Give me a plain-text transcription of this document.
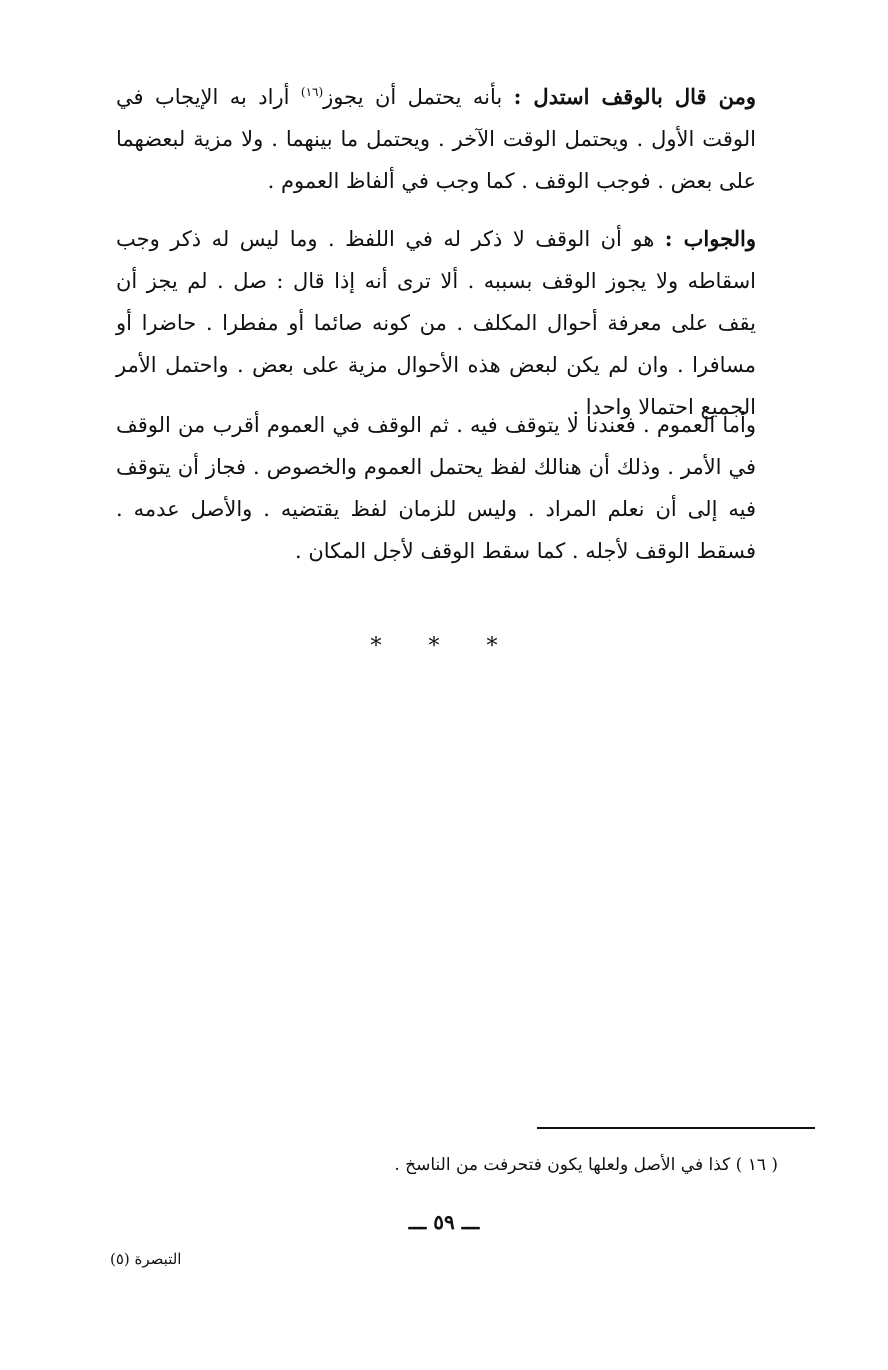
ومن قال بالوقف استدل : بأنه يحتمل أن يجوز$^{(١٦)}$ أراد به الإيجاب في الوقت الأول . ويحتمل الوقت الآخر . ويحتمل ما بينهما . ولا مزية لبعضهما على بعض . فوجب الوقف . كما وجب في ألفاظ العموم .

والجواب : هو أن الوقف لا ذكر له في اللفظ . وما ليس له ذكر وجب اسقاطه ولا يجوز الوقف بسببه . ألا ترى أنه إذا قال : صل . لم يجز أن يقف على معرفة أحوال المكلف . من كونه صائما أو مفطرا . حاضرا أو مسافرا . وان لم يكن لبعض هذه الأحوال مزية على بعض . واحتمل الأمر الجميع احتمالا واحدا .

وأما العموم . فعندنا لا يتوقف فيه . ثم الوقف في العموم أقرب من الوقف في الأمر . وذلك أن هنالك لفظ يحتمل العموم والخصوص . فجاز أن يتوقف فيه إلى أن نعلم المراد . وليس للزمان لفظ يقتضيه . والأصل عدمه . فسقط الوقف لأجله . كما سقط الوقف لأجل المكان .

* * *
( ١٦ ) كذا في الأصل ولعلها يكون فتحرفت من الناسخ .
ـــ ٥٩ ـــ
التبصرة (٥)
